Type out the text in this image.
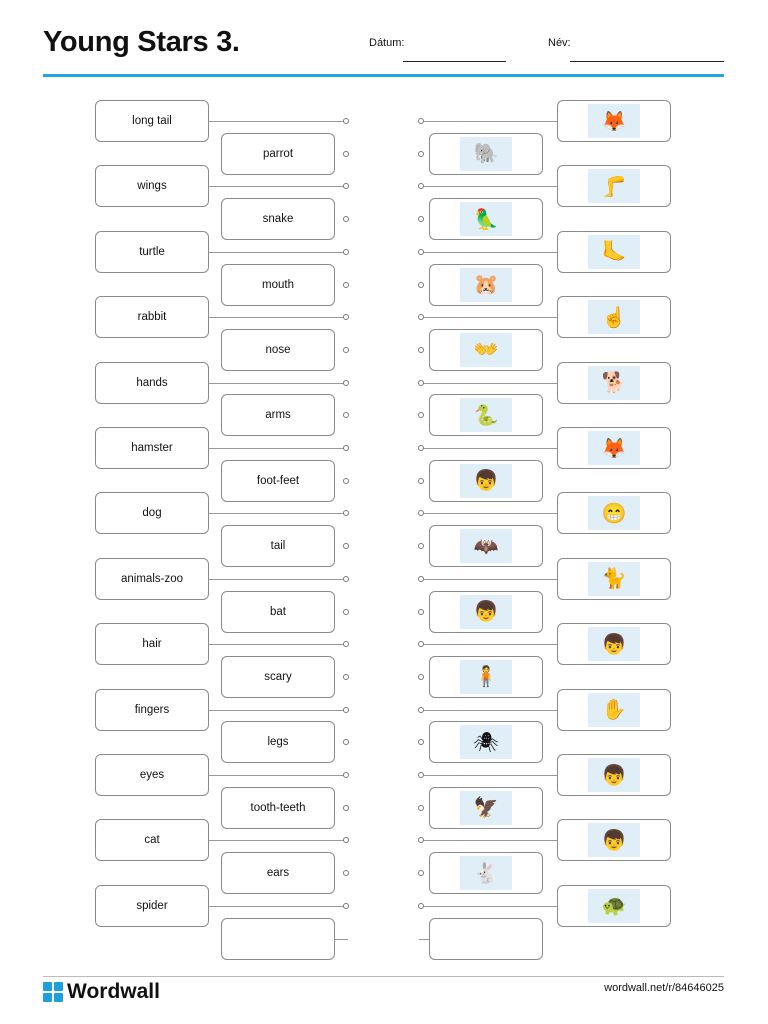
Young Stars 3.	Dátum:	Név:
long tail
parrot	🐘
🦊
wings
snake	🦜
🦵
turtle
mouth	🐹
🦶
rabbit
nose	👐
☝
hands
arms	🐍
🐕
hamster
foot-feet	👦
🦊
dog
tail	🦇
😁
animals-zoo
bat	👦
🐈
hair
scary	🧍
👦
fingers
legs	🕷
✋
eyes
tooth-teeth	🦅
👦
cat
ears	🐇
👦
spider	🐢
Wordwall	wordwall.net/r/84646025
